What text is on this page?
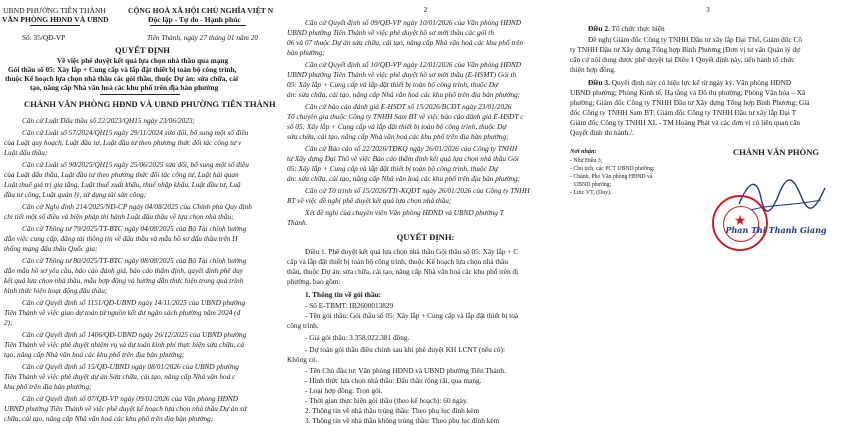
UBND PHƯỜNG TIÊN THÀNH
VĂN PHÒNG HĐND VÀ UBND
CỘNG HOÀ XÃ HỘI CHỦ NGHĨA VIỆT N
Độc lập - Tự do - Hạnh phúc
Số: 35/QĐ-VP	Tiên Thành, ngày 27 tháng 01 năm 20
QUYẾT ĐỊNH
Về việc phê duyệt kết quả lựa chọn nhà thầu qua mạng
Gói thầu số 05: Xây lắp + Cung cấp và lắp đặt thiết bị toàn bộ công trình,
thuộc Kế hoạch lựa chọn nhà thầu các gói thầu, thuộc Dự án: sửa chữa, cải
tạo, nâng cấp Nhà văn hoá các khu phố trên địa bàn phường
CHÁNH VĂN PHÒNG HĐND VÀ UBND PHƯỜNG TIÊN THÀNH
Căn cứ Luật Đấu thầu số 22/2023/QH15 ngày 23/06/2023;
Căn cứ Luật số 57/2024/QH15 ngày 29/11/2024 sửa đổi, bổ sung một số điều
của Luật quy hoạch, Luật đầu tư, Luật đầu tư theo phương thức đối tác công tư v
Luật đấu thầu;
Căn cứ Luật số 90/2025/QH15 ngày 25/06/2025 sửa đổi, bổ sung một số điều
của Luật đấu thầu, Luật đầu tư theo phương thức đối tác công tư, Luật hải quan
Luật thuế giá trị gia tăng, Luật thuế xuất khẩu, thuế nhập khẩu, Luật đầu tư, Luậ
đầu tư công, Luật quản lý, sử dụng tài sản công;
Căn cứ Nghị định 214/2025/NĐ-CP ngày 04/08/2025 của Chính phủ Quy định
chi tiết một số điều và biện pháp thi hành Luật đấu thầu về lựa chọn nhà thầu;
Căn cứ Thông tư 79/2025/TT-BTC ngày 04/08/2025 của Bộ Tài chính hướng
dẫn việc cung cấp, đăng tải thông tin về đấu thầu và mẫu hồ sơ đấu thầu trên H
thống mạng đấu thầu Quốc gia;
Căn cứ Thông tư 80/2025/TT-BTC ngày 08/08/2025 của Bộ Tài chính hướng
dẫn mẫu hồ sơ yêu cầu, báo cáo đánh giá, báo cáo thẩm định, quyết định phê duy
kết quả lựa chọn nhà thầu, mẫu hợp đồng và hướng dẫn thực hiện trong quá trình
hình thức hiện hoạt động đấu thầu;
Căn cứ Quyết định số 1151/QĐ-UBND ngày 14/11/2025 của UBND phường
Tiên Thành về việc giao dự toán từ nguồn kết dư ngân sách phường năm 2024 (đ
2);
Căn cứ Quyết định số 1406/QĐ-UBND ngày 26/12/2025 của UBND phường
Tiên Thành về việc phê duyệt nhiệm vụ và dự toán kinh phí thực hiện sửa chữa, cả
tạo, nâng cấp Nhà văn hoá các khu phố trên địa bàn phường;
Căn cứ Quyết định số 15/QĐ-UBND ngày 08/01/2026 của UBND phường
Tiên Thành về việc phê duyệt dự án Sửa chữa, cải tạo, nâng cấp Nhà văn hoá c
khu phố trên địa bàn phường;
Căn cứ Quyết định số 07/QĐ-VP ngày 09/01/2026 của Văn phòng HĐND
UBND phường Tiên Thành về việc phê duyệt kế hoạch lựa chọn nhà thầu Dự án sử
chữa, cải tạo, nâng cấp Nhà văn hoá các khu phố trên địa bàn phường;
2
Căn cứ Quyết định số 09/QĐ-VP ngày 10/01/2026 của Văn phòng HĐND
UBND phường Tiên Thành về việc phê duyệt hồ sơ mời thầu các gói th
06 và 07 thuộc Dự án sửa chữa, cải tạo, nâng cấp Nhà văn hoá các khu phố trên
bàn phường;
Căn cứ Quyết định số 10/QĐ-VP ngày 12/01/2026 của Văn phòng HĐND
UBND phường Tiên Thành về việc phê duyệt hồ sơ mời thầu (E-HSMT) Gói th
05: Xây lắp + Cung cấp và lắp đặt thiết bị toàn bộ công trình, thuộc Dự
án: sửa chữa, cải tạo, nâng cấp Nhà văn hoá các khu phố trên địa bàn phường;
Căn cứ báo cáo đánh giá E-HSDT số 15/2026/BCĐT ngày 23/01/2026
Tổ chuyên gia thuộc Công ty TNHH Sam BT về việc báo cáo đánh giá E-HSDT c
số 05: Xây lắp + Cung cấp và lắp đặt thiết bị toàn bộ công trình, thuộc Dự
sửa chữa, cải tạo, nâng cấp Nhà văn hoá các khu phố trên địa bàn phường;
Căn cứ Báo cáo số 22/2026/TĐKQ ngày 26/01/2026 của Công ty TNHH
tư Xây dựng Đại Thổ về việc Báo cáo thẩm định kết quả lựa chọn nhà thầu Gói
05: Xây lắp + Cung cấp và lắp đặt thiết bị toàn bộ công trình, thuộc Dự
án: sửa chữa, cải tạo, nâng cấp Nhà văn hoá các khu phố trên địa bàn phường;
Căn cứ Tờ trình số 15/2026/TTr-KQĐT ngày 26/01/2026 của Công ty TNHH
BT về việc đề nghị phê duyệt kết quả lựa chọn nhà thầu;
Xét đề nghị của chuyên viên Văn phòng HĐND và UBND phường T
Thành.
QUYẾT ĐỊNH:
Điều 1. Phê duyệt kết quả lựa chọn nhà thầu Gói thầu số 05: Xây lắp + C
cấp và lắp đặt thiết bị toàn bộ công trình, thuộc Kế hoạch lựa chọn nhà thầu
thầu, thuộc Dự án: sửa chữa, cải tạo, nâng cấp Nhà văn hoá các khu phố trên đị
phường, bao gồm:
1. Thông tin về gói thầu:
- Số E-TBMT: IB2600013829
- Tên gói thầu: Gói thầu số 05: Xây lắp + Cung cấp và lắp đặt thiết bị toà
công trình.
- Giá gói thầu: 3.358.022.381 đồng.
- Dự toán gói thầu điều chỉnh sau khi phê duyệt KH LCNT (nếu có):
Không có.
- Tên Chủ đầu tư: Văn phòng HĐND và UBND phường Tiên Thành.
- Hình thức lựa chọn nhà thầu: Đấu thầu rộng rãi, qua mạng.
- Loại hợp đồng: Trọn gói.
- Thời gian thực hiện gói thầu (theo kế hoạch): 60 ngày.
2. Thông tin về nhà thầu trúng thầu: Theo phụ lục đính kèm
3. Thông tin về nhà thầu không trúng thầu: Theo phụ lục đính kèm
3
Điều 2. Tổ chức thực hiện
Đề nghị Giám đốc Công ty TNHH Đầu tư xây lắp Đại Thổ, Giám đốc Cô
ty TNHH Đầu tư Xây dựng Tổng hợp Bình Phương (Đơn vị tư vấn Quản lý dự
căn cứ nội dung được phê duyệt tại Điều 1 Quyết định này, tiến hành tổ chức
thiện hợp đồng.
Điều 3. Quyết định này có hiệu lực kể từ ngày ký. Văn phòng HĐND
UBND phường; Phòng Kinh tế, Hạ tầng và Đô thị phường; Phòng Văn hóa – Xã
phường; Giám đốc Công ty TNHH Đầu tư Xây dựng Tổng hợp Bình Phương; Giá
đốc Công ty TNHH Sam BT; Giám đốc Công ty TNHH Đầu tư xây lắp Đại T
Giám đốc Công ty TNHH XL - TM Hoàng Phát và các đơn vị có liên quan căn
Quyết định thi hành./.
Nơi nhận:
- Như Điều 3;
- Chủ tịch, các PCT UBND phường;
- Chánh, Phó Văn phòng HĐND và
UBND phường;
- Lưu: VT, (Duy).
CHÁNH VĂN PHÒNG
Phan Thị Thanh Giang
★
